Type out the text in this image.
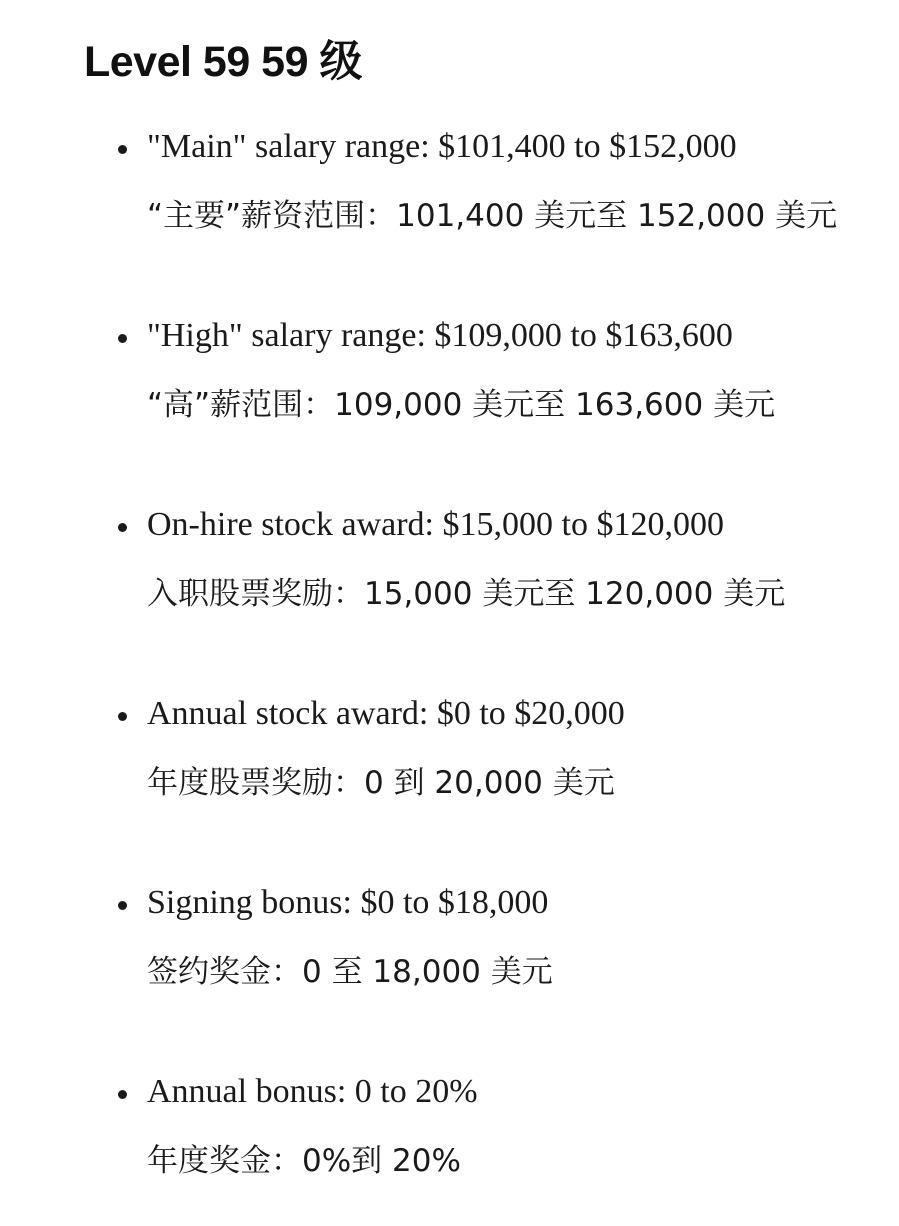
Level 59 59 级

"Main" salary range: $101,400 to $152,000

“主要”薪资范围：101,400 美元至 152,000 美元

"High" salary range: $109,000 to $163,600

“高”薪范围：109,000 美元至 163,600 美元

On-hire stock award: $15,000 to $120,000

入职股票奖励：15,000 美元至 120,000 美元

Annual stock award: $0 to $20,000

年度股票奖励：0 到 20,000 美元

Signing bonus: $0 to $18,000

签约奖金：0 至 18,000 美元

Annual bonus: 0 to 20%

年度奖金：0%到 20%
